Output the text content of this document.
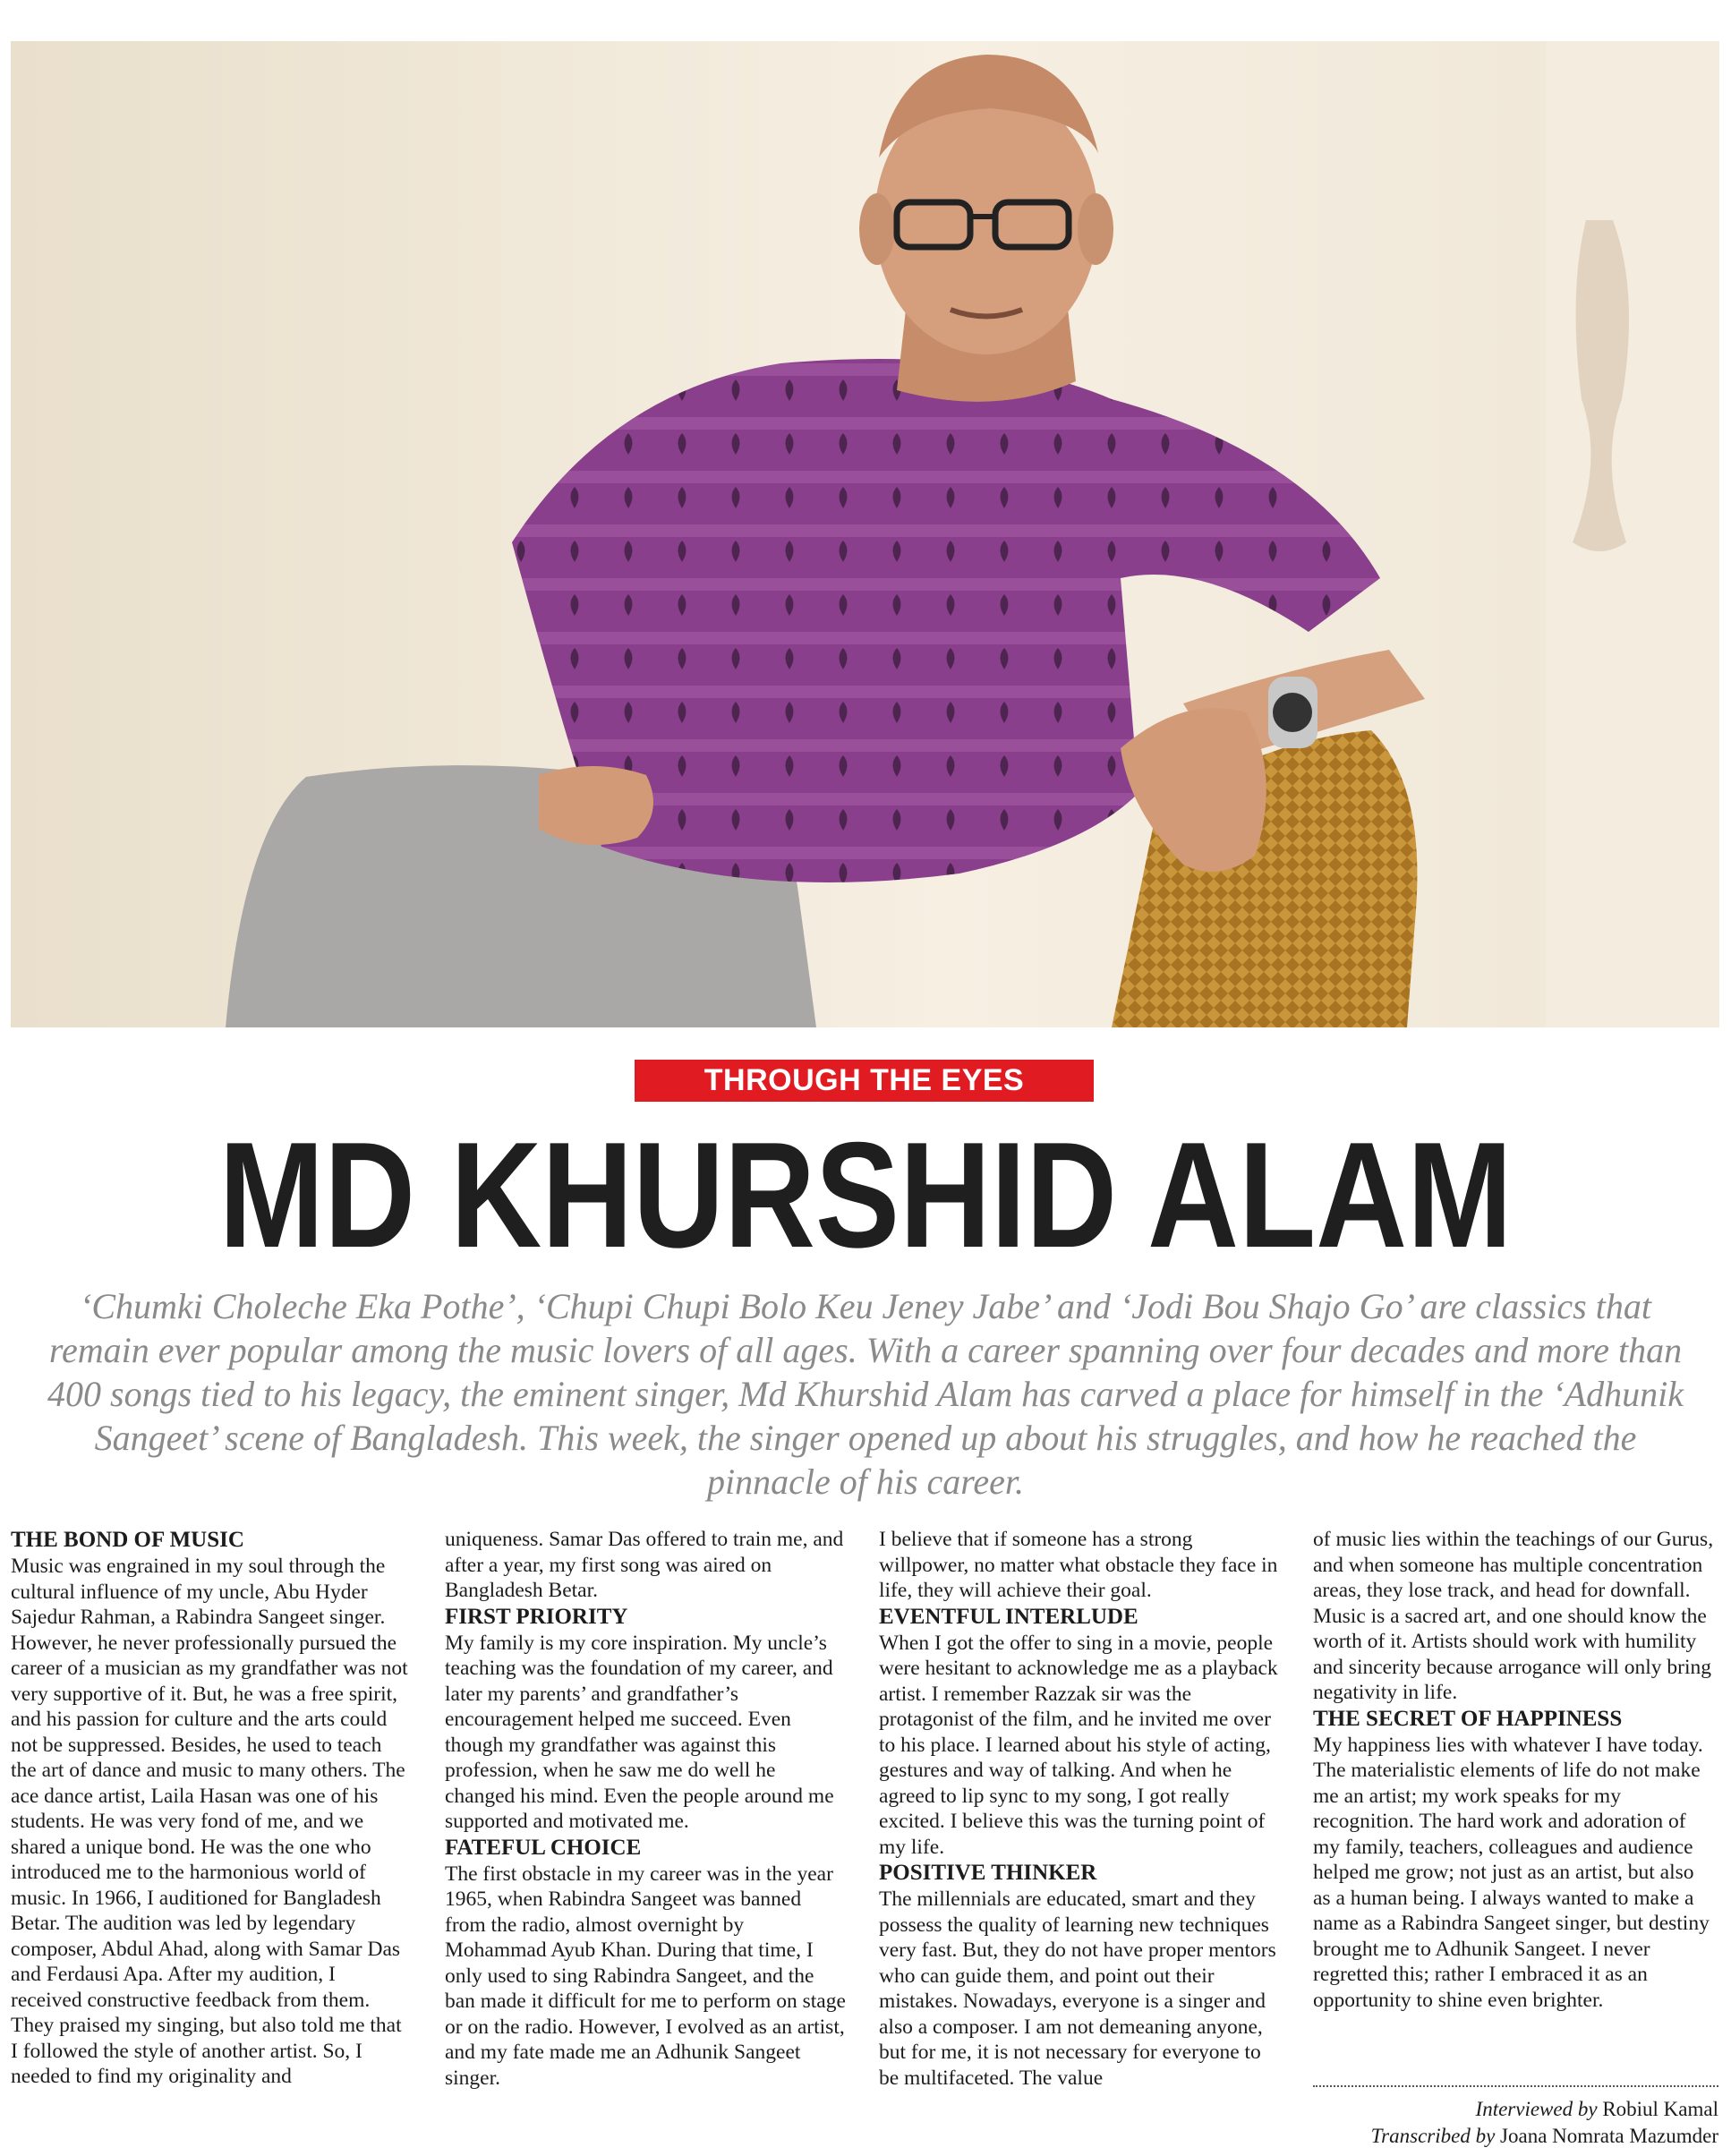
THROUGH THE EYES
MD KHURSHID ALAM

‘Chumki Choleche Eka Pothe’, ‘Chupi Chupi Bolo Keu Jeney Jabe’ and ‘Jodi Bou Shajo Go’ are classics that remain ever popular among the music lovers of all ages. With a career spanning over four decades and more than 400 songs tied to his legacy, the eminent singer, Md Khurshid Alam has carved a place for himself in the ‘Adhunik Sangeet’ scene of Bangladesh. This week, the singer opened up about his struggles, and how he reached the pinnacle of his career.

THE BOND OF MUSIC

Music was engrained in my soul through the cultural influence of my uncle, Abu Hyder Sajedur Rahman, a Rabindra Sangeet singer. However, he never professionally pursued the career of a musician as my grandfather was not very supportive of it. But, he was a free spirit, and his passion for culture and the arts could not be suppressed. Besides, he used to teach the art of dance and music to many others. The ace dance artist, Laila Hasan was one of his students. He was very fond of me, and we shared a unique bond. He was the one who introduced me to the harmonious world of music. In 1966, I auditioned for Bangladesh Betar. The audition was led by legendary composer, Abdul Ahad, along with Samar Das and Ferdausi Apa. After my audition, I received constructive feedback from them. They praised my singing, but also told me that I followed the style of another artist. So, I needed to find my originality and

uniqueness. Samar Das offered to train me, and after a year, my first song was aired on Bangladesh Betar.

FIRST PRIORITY

My family is my core inspiration. My uncle’s teaching was the foundation of my career, and later my parents’ and grandfather’s encouragement helped me succeed. Even though my grandfather was against this profession, when he saw me do well he changed his mind. Even the people around me supported and motivated me.

FATEFUL CHOICE

The first obstacle in my career was in the year 1965, when Rabindra Sangeet was banned from the radio, almost overnight by Mohammad Ayub Khan. During that time, I only used to sing Rabindra Sangeet, and the ban made it difficult for me to perform on stage or on the radio. However, I evolved as an artist, and my fate made me an Adhunik Sangeet singer.

I believe that if someone has a strong willpower, no matter what obstacle they face in life, they will achieve their goal.

EVENTFUL INTERLUDE

When I got the offer to sing in a movie, people were hesitant to acknowledge me as a playback artist. I remember Razzak sir was the protagonist of the film, and he invited me over to his place. I learned about his style of acting, gestures and way of talking. And when he agreed to lip sync to my song, I got really excited. I believe this was the turning point of my life.

POSITIVE THINKER

The millennials are educated, smart and they possess the quality of learning new techniques very fast. But, they do not have proper mentors who can guide them, and point out their mistakes. Nowadays, everyone is a singer and also a composer. I am not demeaning anyone, but for me, it is not necessary for everyone to be multifaceted. The value

of music lies within the teachings of our Gurus, and when someone has multiple concentration areas, they lose track, and head for downfall. Music is a sacred art, and one should know the worth of it. Artists should work with humility and sincerity because arrogance will only bring negativity in life.

THE SECRET OF HAPPINESS

My happiness lies with whatever I have today. The materialistic elements of life do not make me an artist; my work speaks for my recognition. The hard work and adoration of my family, teachers, colleagues and audience helped me grow; not just as an artist, but also as a human being. I always wanted to make a name as a Rabindra Sangeet singer, but destiny brought me to Adhunik Sangeet. I never regretted this; rather I embraced it as an opportunity to shine even brighter.

Interviewed by Robiul Kamal
Transcribed by Joana Nomrata Mazumder
